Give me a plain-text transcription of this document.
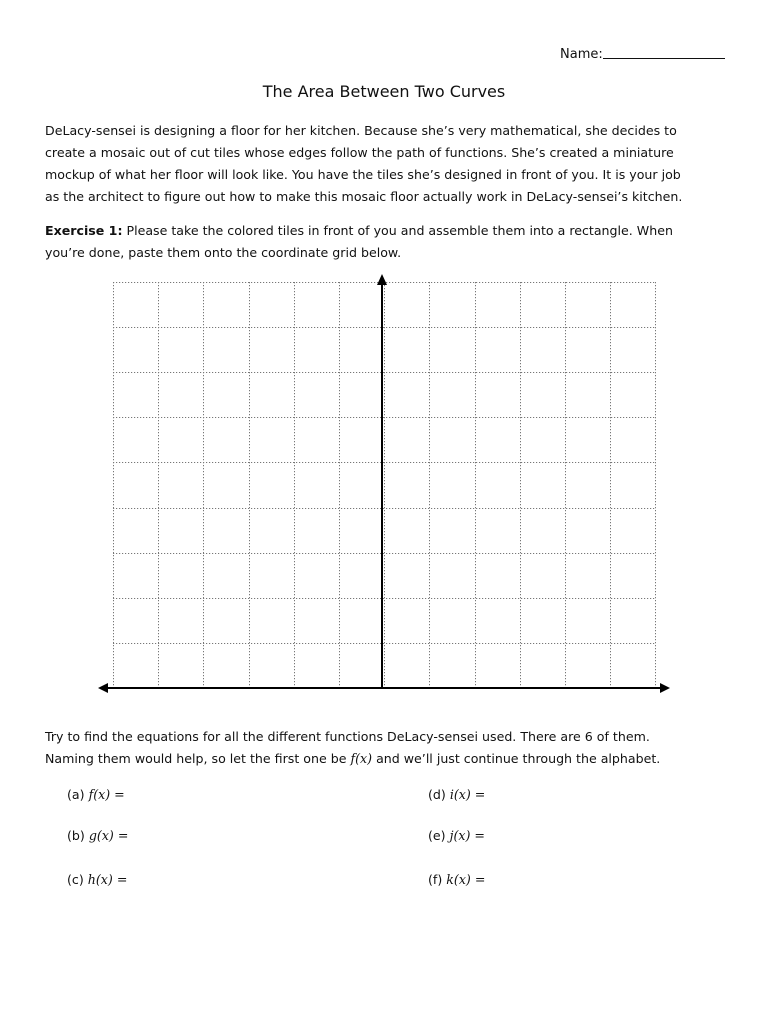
Name:
The Area Between Two Curves

DeLacy-sensei is designing a floor for her kitchen. Because she’s very mathematical, she decides to

create a mosaic out of cut tiles whose edges follow the path of functions. She’s created a miniature

mockup of what her floor will look like. You have the tiles she’s designed in front of you. It is your job

as the architect to figure out how to make this mosaic floor actually work in DeLacy-sensei’s kitchen.

Exercise 1: Please take the colored tiles in front of you and assemble them into a rectangle. When

you’re done, paste them onto the coordinate grid below.

Try to find the equations for all the different functions DeLacy-sensei used. There are 6 of them.

Naming them would help, so let the first one be f(x) and we’ll just continue through the alphabet.

(a) f(x) =
(b) g(x) =
(c) h(x) =
(d) i(x) =
(e) j(x) =
(f) k(x) =
